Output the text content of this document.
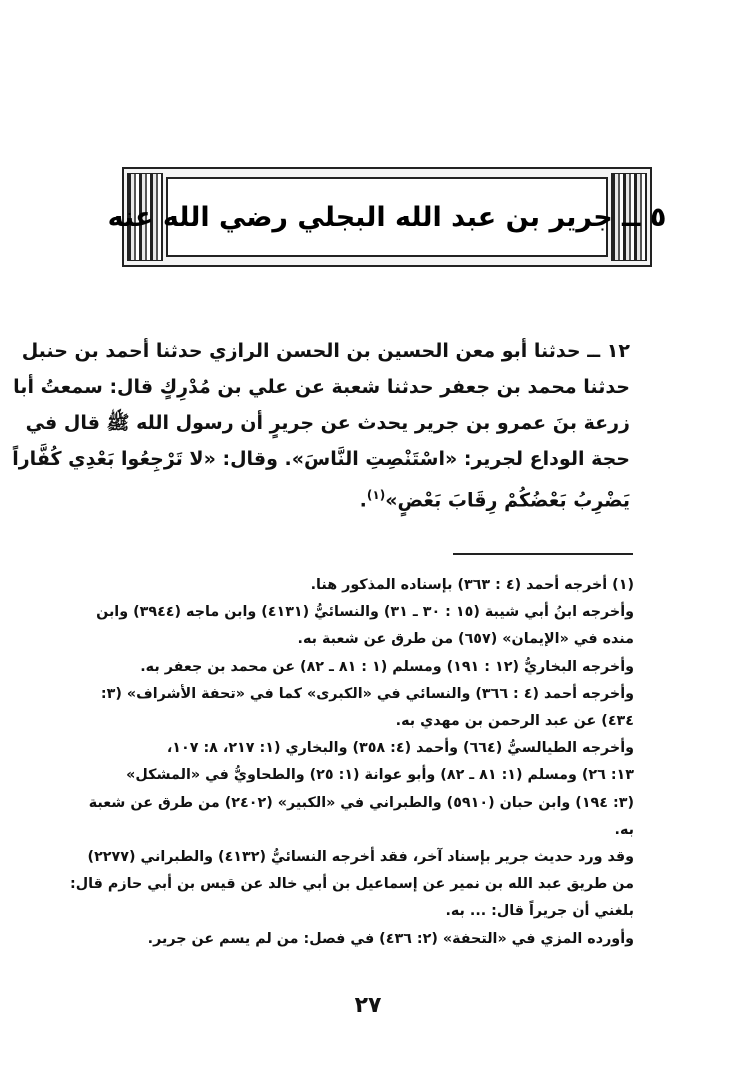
٥ ــ جرير بن عبد الله البجلي رضي الله عنه

١٢ ــ حدثنا أبو معن الحسين بن الحسن الرازي حدثنا أحمد بن حنبل

حدثنا محمد بن جعفر حدثنا شعبة عن علي بن مُدْرِكٍ قال: سمعتُ أبا

زرعة بنَ عمرو بن جرير يحدث عن جريرٍ أن رسول الله ﷺ قال في

حجة الوداع لجرير: «اسْتَنْصِتِ النَّاسَ». وقال: «لا تَرْجِعُوا بَعْدِي كُفَّاراً

يَضْرِبُ بَعْضُكُمْ رِقَابَ بَعْضٍ»$^{(١)}$.

(١) أخرجه أحمد (٤ : ٣٦٣) بإسناده المذكور هنا.

وأخرجه ابنُ أبي شيبة (١٥ : ٣٠ ـ ٣١) والنسائيُّ (٤١٣١) وابن ماجه (٣٩٤٤) وابن

منده في «الإيمان» (٦٥٧) من طرق عن شعبة به.

وأخرجه البخاريُّ (١٢ : ١٩١) ومسلم (١ : ٨١ ـ ٨٢) عن محمد بن جعفر به.

وأخرجه أحمد (٤ : ٣٦٦) والنسائي في «الكبرى» كما في «تحفة الأشراف» (٣:

٤٣٤) عن عبد الرحمن بن مهدي به.

وأخرجه الطيالسيُّ (٦٦٤) وأحمد (٤: ٣٥٨) والبخاري (١: ٢١٧، ٨: ١٠٧،

١٣: ٢٦) ومسلم (١: ٨١ ـ ٨٢) وأبو عوانة (١: ٢٥) والطحاويُّ في «المشكل»

(٣: ١٩٤) وابن حبان (٥٩١٠) والطبراني في «الكبير» (٢٤٠٢) من طرق عن شعبة

به.

وقد ورد حديث جرير بإسناد آخر، فقد أخرجه النسائيُّ (٤١٣٢) والطبراني (٢٢٧٧)

من طريق عبد الله بن نمير عن إسماعيل بن أبي خالد عن قيس بن أبي حازم قال:

بلغني أن جريراً قال: ... به.

وأورده المزي في «التحفة» (٢: ٤٣٦) في فصل: من لم يسم عن جرير.

٢٧
